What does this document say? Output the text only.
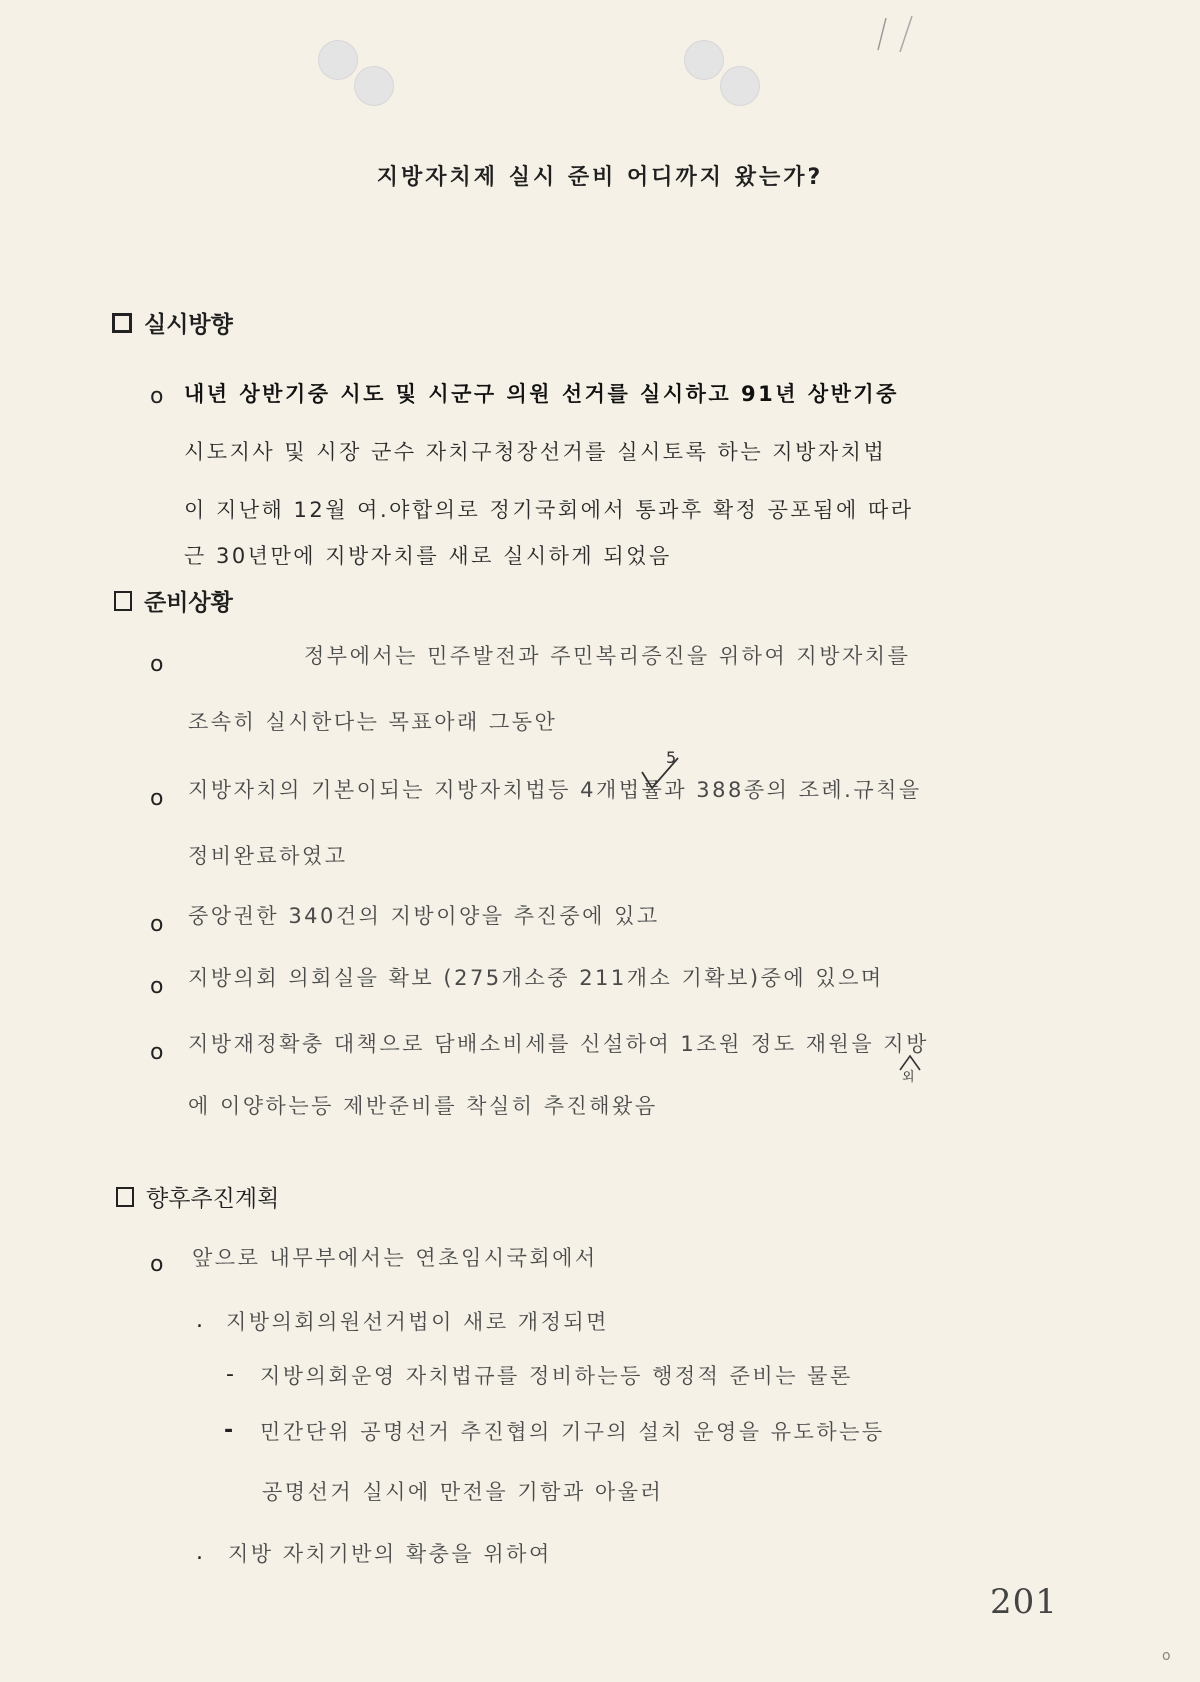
지방자치제 실시 준비 어디까지 왔는가?
실시방향
o 내년 상반기중 시도 및 시군구 의원 선거를 실시하고 91년 상반기중
시도지사 및 시장 군수 자치구청장선거를 실시토록 하는 지방자치법
이 지난해 12월 여.야합의로 정기국회에서 통과후 확정 공포됨에 따라
근 30년만에 지방자치를 새로 실시하게 되었음
준비상황
o	정부에서는 민주발전과 주민복리증진을 위하여 지방자치를
조속히 실시한다는 목표아래 그동안
o 지방자치의 기본이되는 지방자치법등 4개법률과 388종의 조례.규칙을
5
정비완료하였고
o 중앙권한 340건의 지방이양을 추진중에 있고
o 지방의회 의회실을 확보 (275개소중 211개소 기확보)중에 있으며
o 지방재정확충 대책으로 담배소비세를 신설하여 1조원 정도 재원을 지방
외
에 이양하는등 제반준비를 착실히 추진해왔음
향후추진계획
o 앞으로 내무부에서는 연초임시국회에서
. 지방의회의원선거법이 새로 개정되면
- 지방의회운영 자치법규를 정비하는등 행정적 준비는 물론
- 민간단위 공명선거 추진협의 기구의 설치 운영을 유도하는등
공명선거 실시에 만전을 기함과 아울러
. 지방 자치기반의 확충을 위하여
201
o
